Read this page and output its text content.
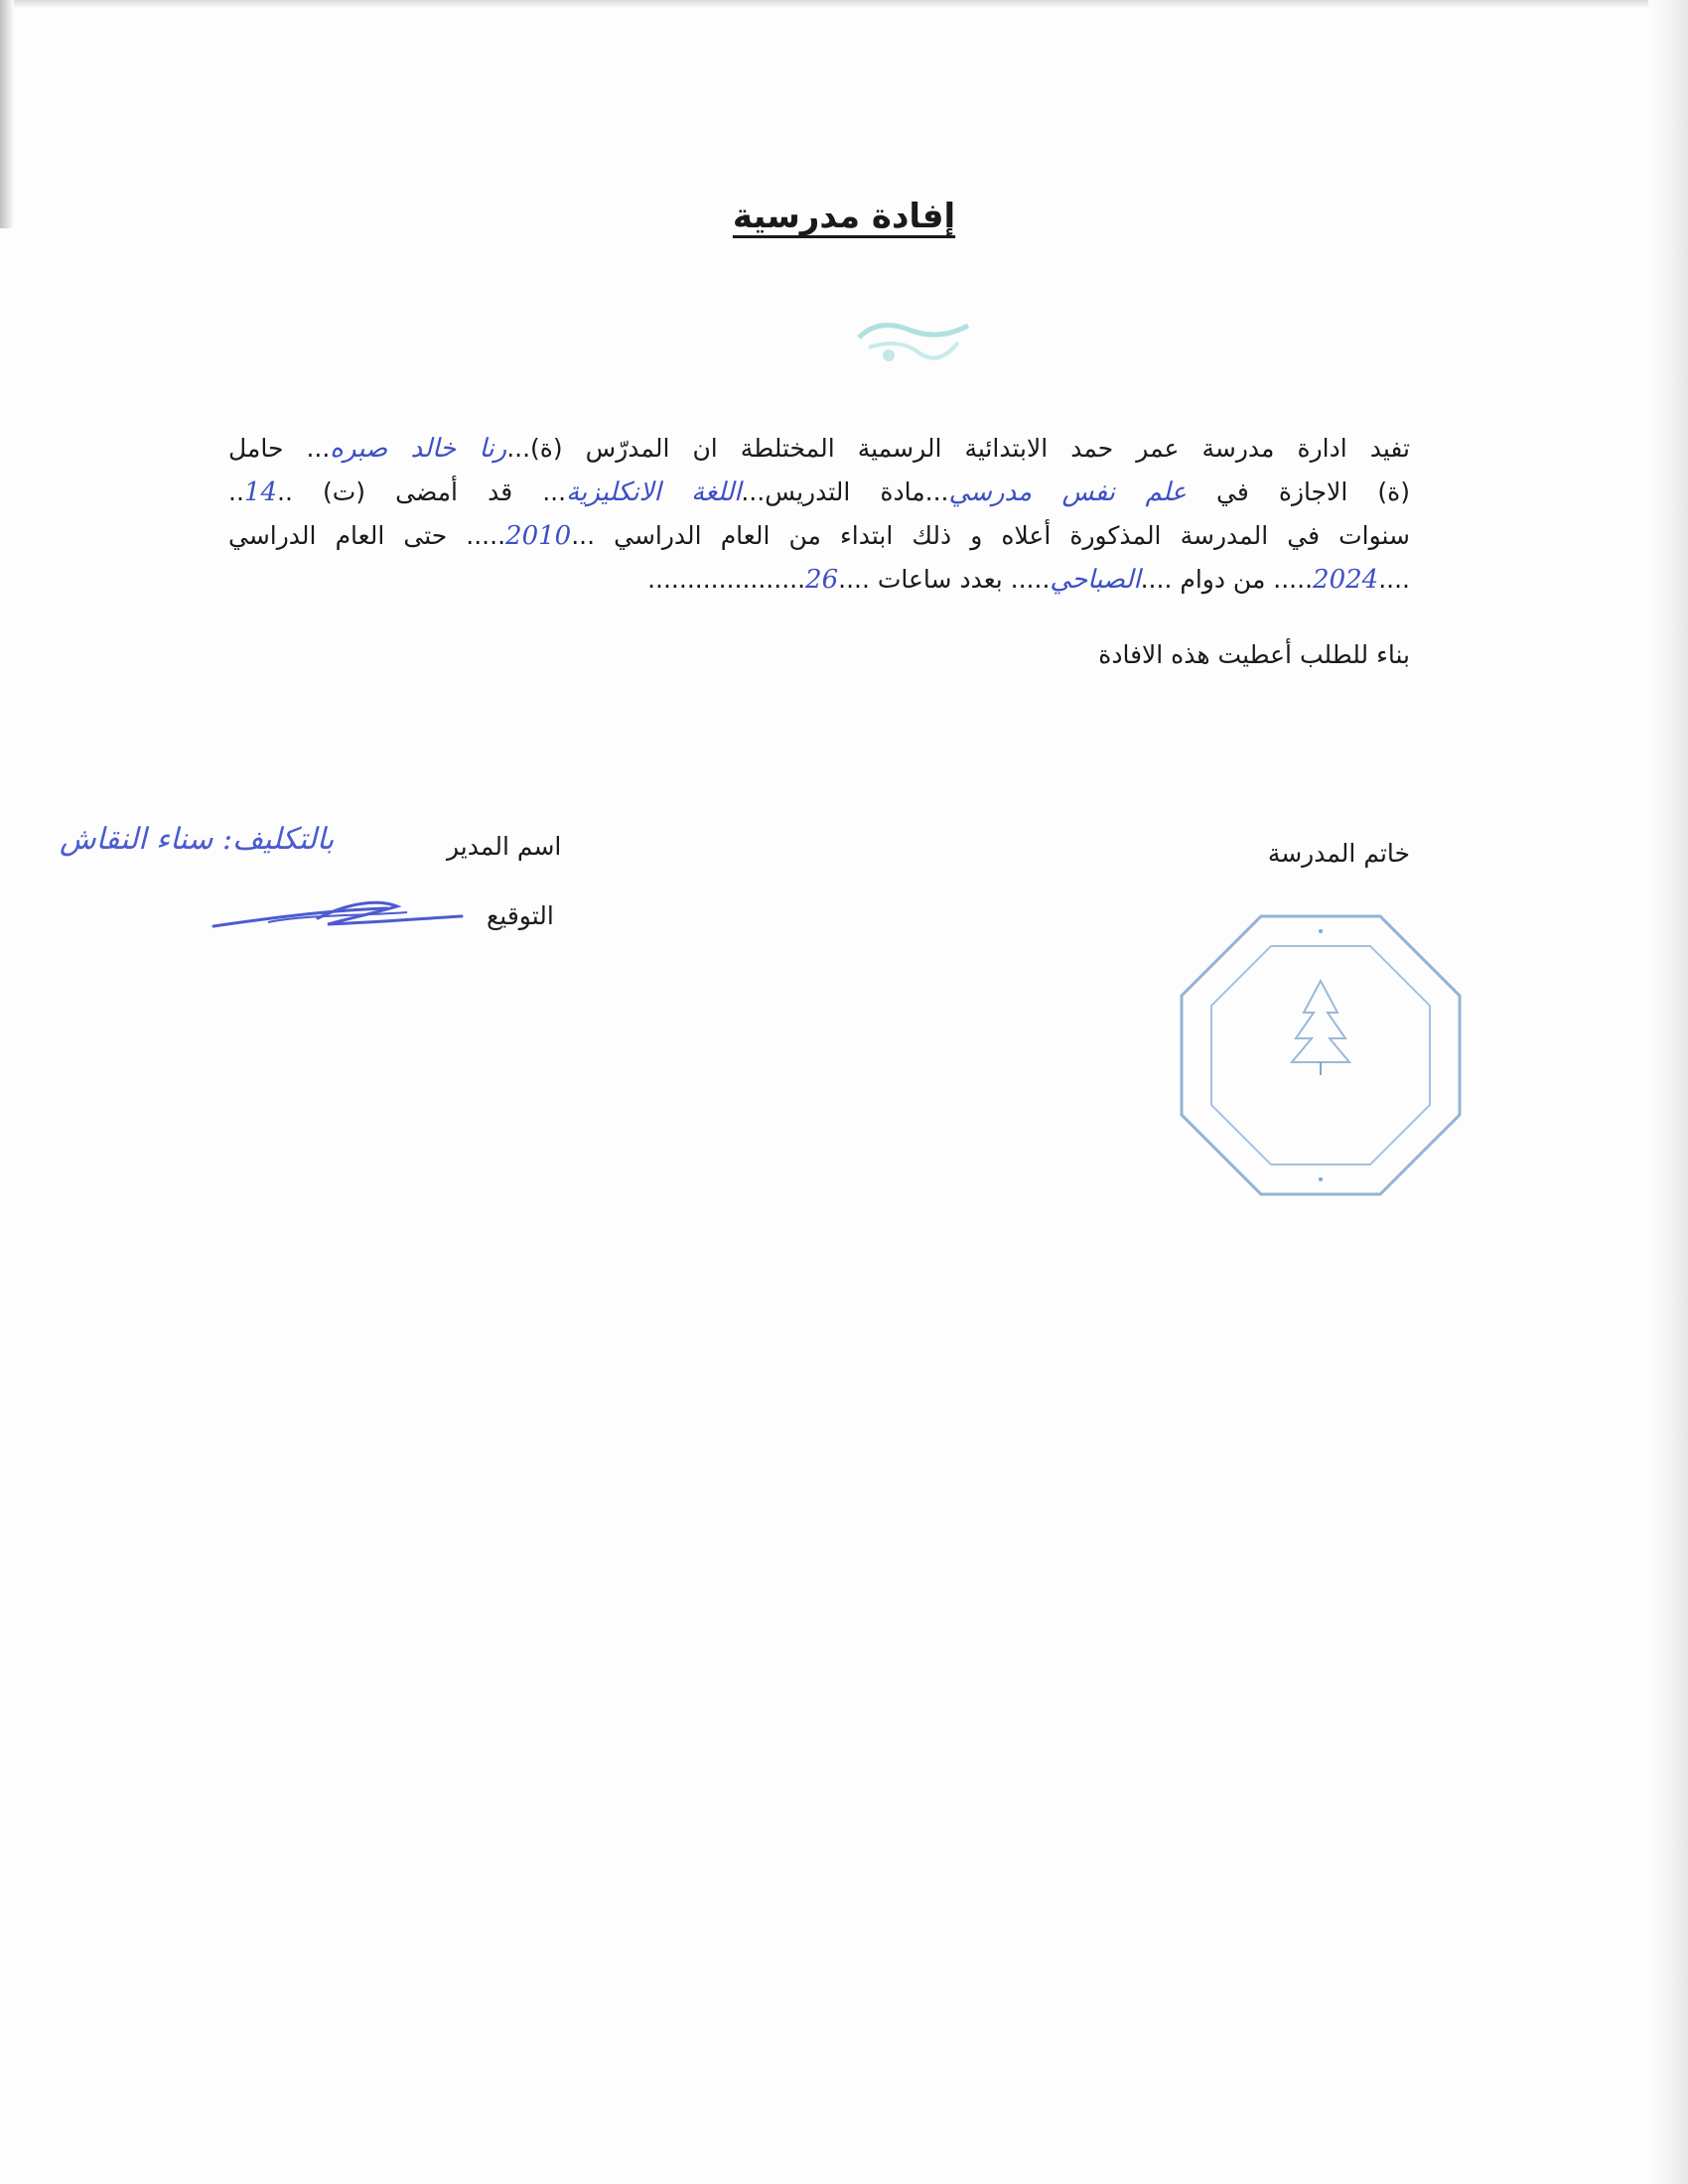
إفادة مدرسية
تفيد ادارة مدرسة عمر حمد الابتدائية الرسمية المختلطة ان المدرّس (ة)...رنا خالد صبره... حامل
(ة) الاجازة في علم نفس مدرسي...مادة التدريس...اللغة الانكليزية... قد أمضى (ت) ..14..
سنوات في المدرسة المذكورة أعلاه و ذلك ابتداء من العام الدراسي ...2010..... حتى العام الدراسي
....2024..... من دوام ....الصباحي..... بعدد ساعات ....26....................
بناء للطلب أعطيت هذه الافادة
خاتم المدرسة
اسم المدير
بالتكليف: سناء النقاش
التوقيع
